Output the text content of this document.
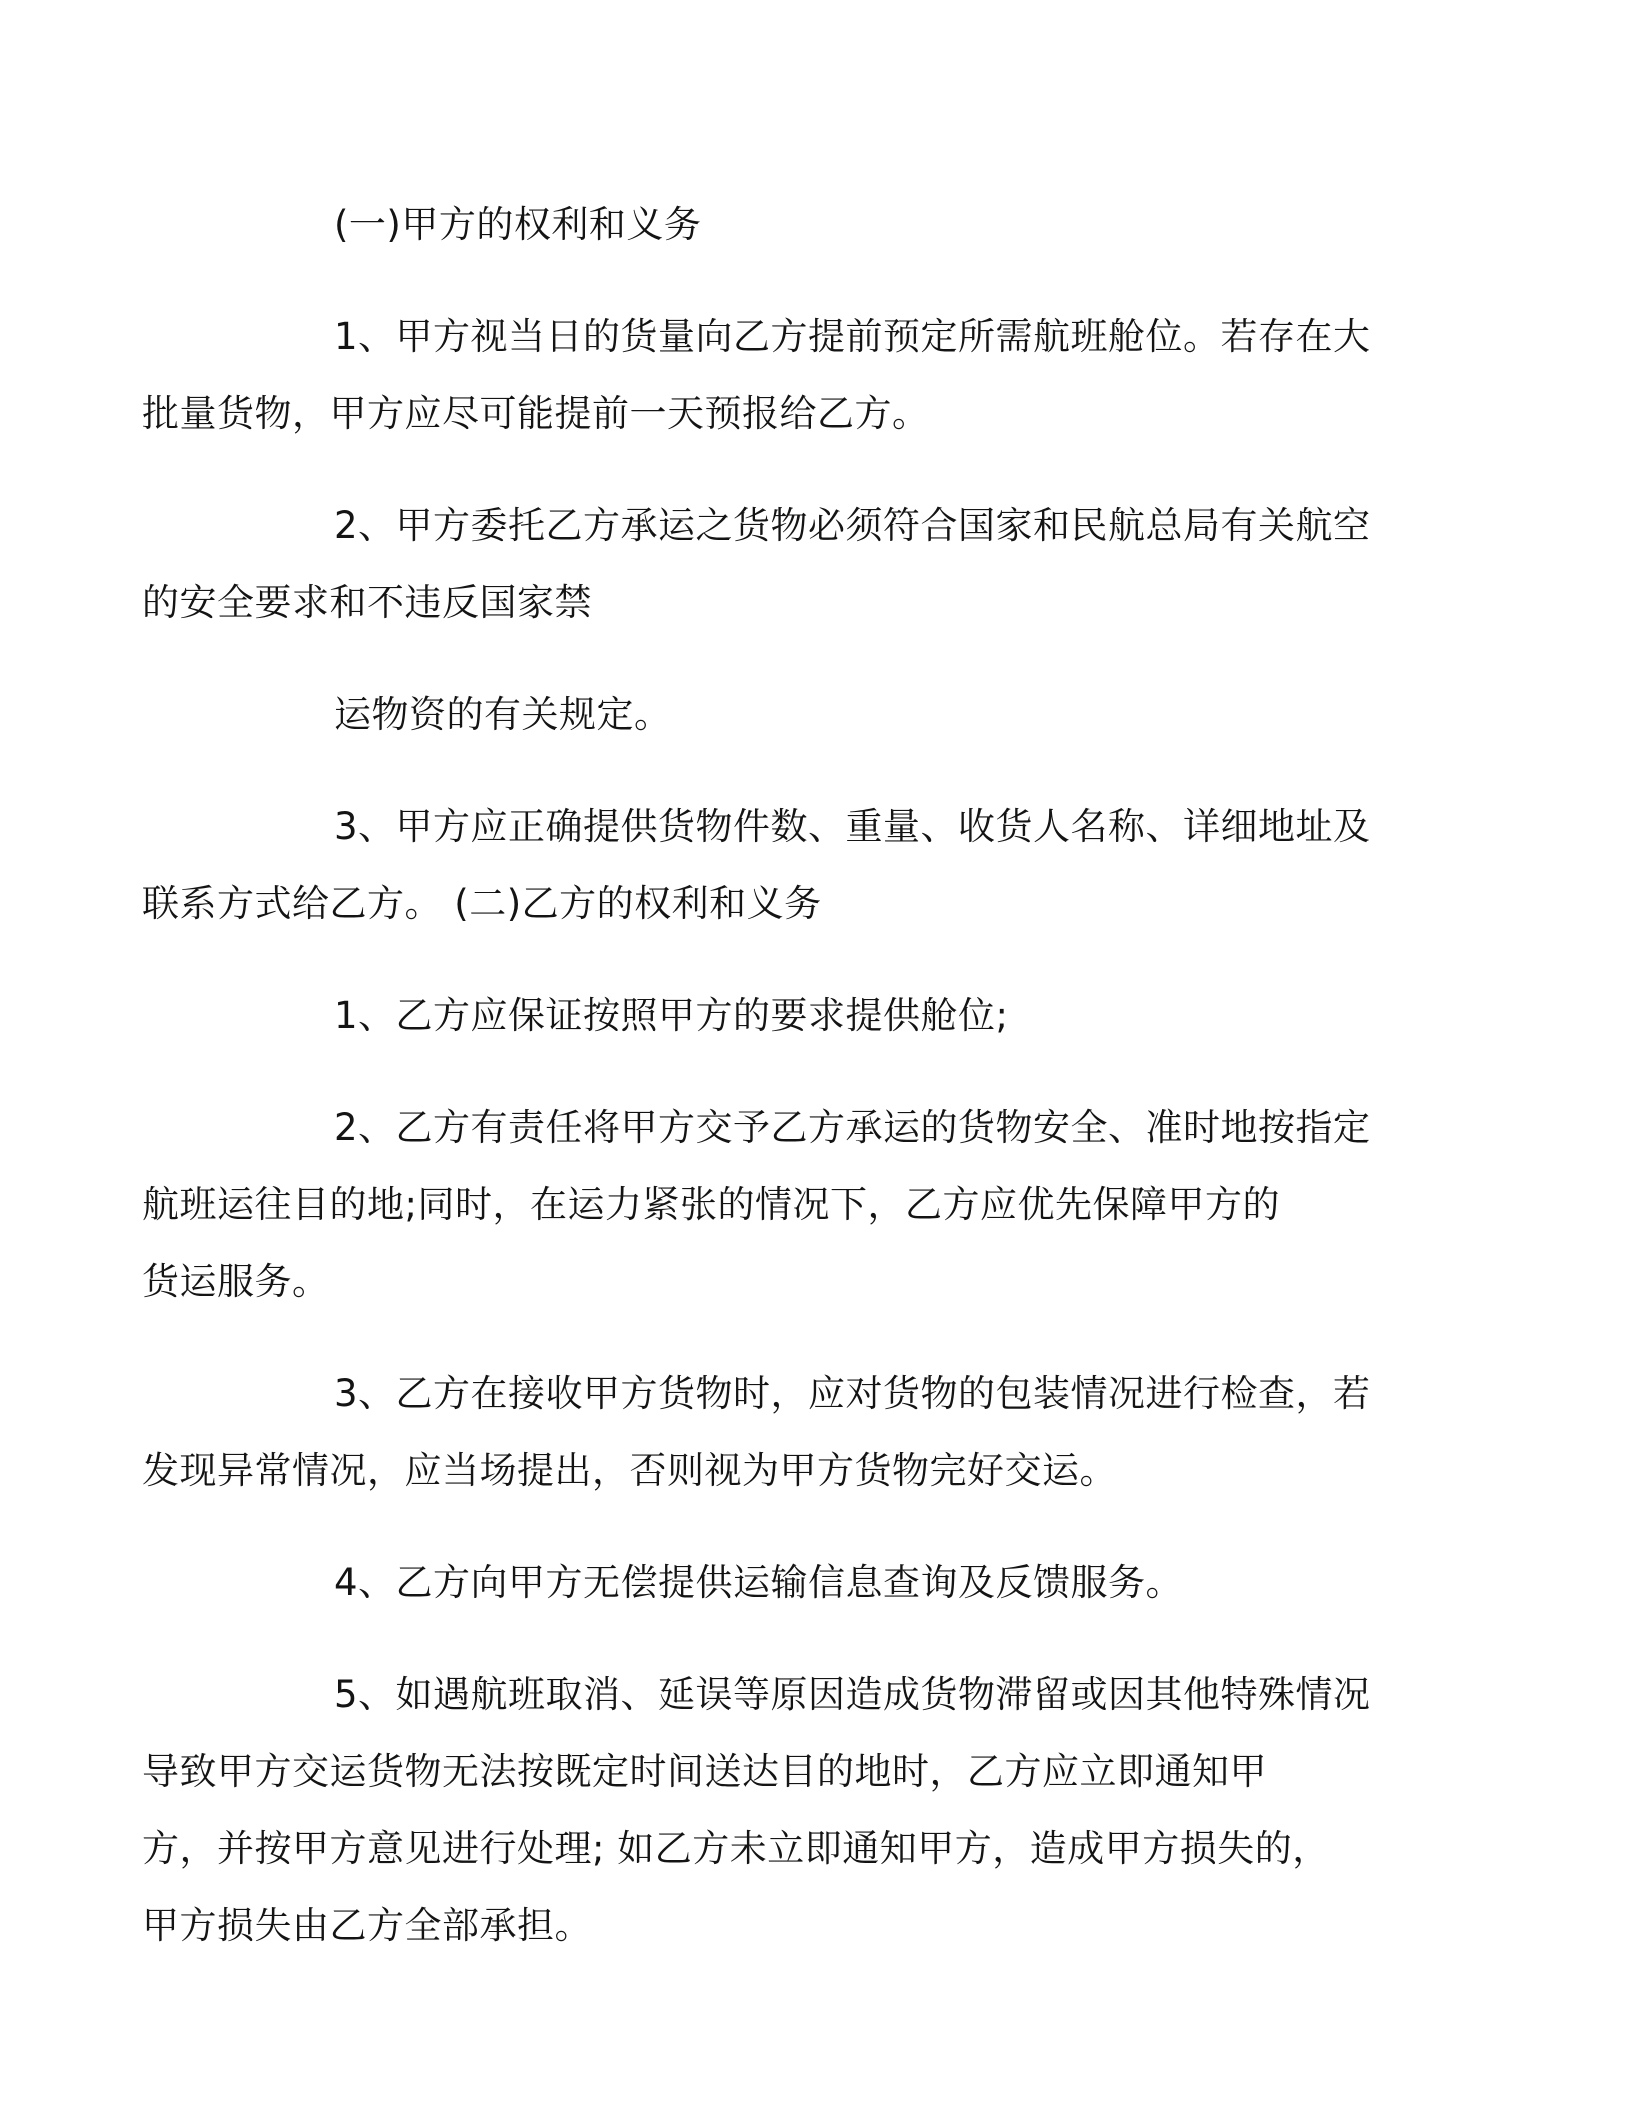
(一)甲方的权利和义务

1、甲方视当日的货量向乙方提前预定所需航班舱位。若存在大
批量货物，甲方应尽可能提前一天预报给乙方。

2、甲方委托乙方承运之货物必须符合国家和民航总局有关航空
的安全要求和不违反国家禁

运物资的有关规定。

3、甲方应正确提供货物件数、重量、收货人名称、详细地址及
联系方式给乙方。 (二)乙方的权利和义务

1、乙方应保证按照甲方的要求提供舱位;

2、乙方有责任将甲方交予乙方承运的货物安全、准时地按指定
航班运往目的地;同时，在运力紧张的情况下，乙方应优先保障甲方的
货运服务。

3、乙方在接收甲方货物时，应对货物的包装情况进行检查，若
发现异常情况，应当场提出，否则视为甲方货物完好交运。

4、乙方向甲方无偿提供运输信息查询及反馈服务。

5、如遇航班取消、延误等原因造成货物滞留或因其他特殊情况
导致甲方交运货物无法按既定时间送达目的地时，乙方应立即通知甲
方，并按甲方意见进行处理; 如乙方未立即通知甲方，造成甲方损失的，
甲方损失由乙方全部承担。
